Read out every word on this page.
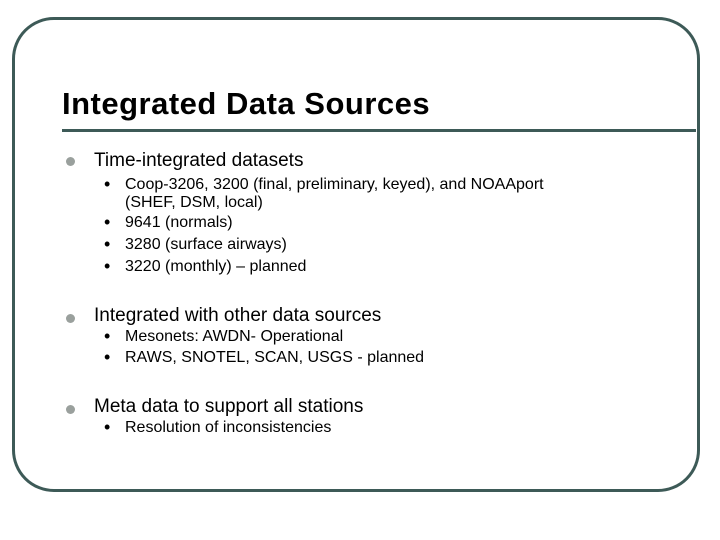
Integrated Data Sources
Time-integrated datasets
• Coop-3206, 3200 (final, preliminary, keyed), and NOAAport
(SHEF, DSM, local)
• 9641 (normals)
• 3280 (surface airways)
• 3220 (monthly) – planned
Integrated with other data sources
• Mesonets: AWDN- Operational
• RAWS, SNOTEL, SCAN, USGS - planned
Meta data to support all stations
• Resolution of inconsistencies
